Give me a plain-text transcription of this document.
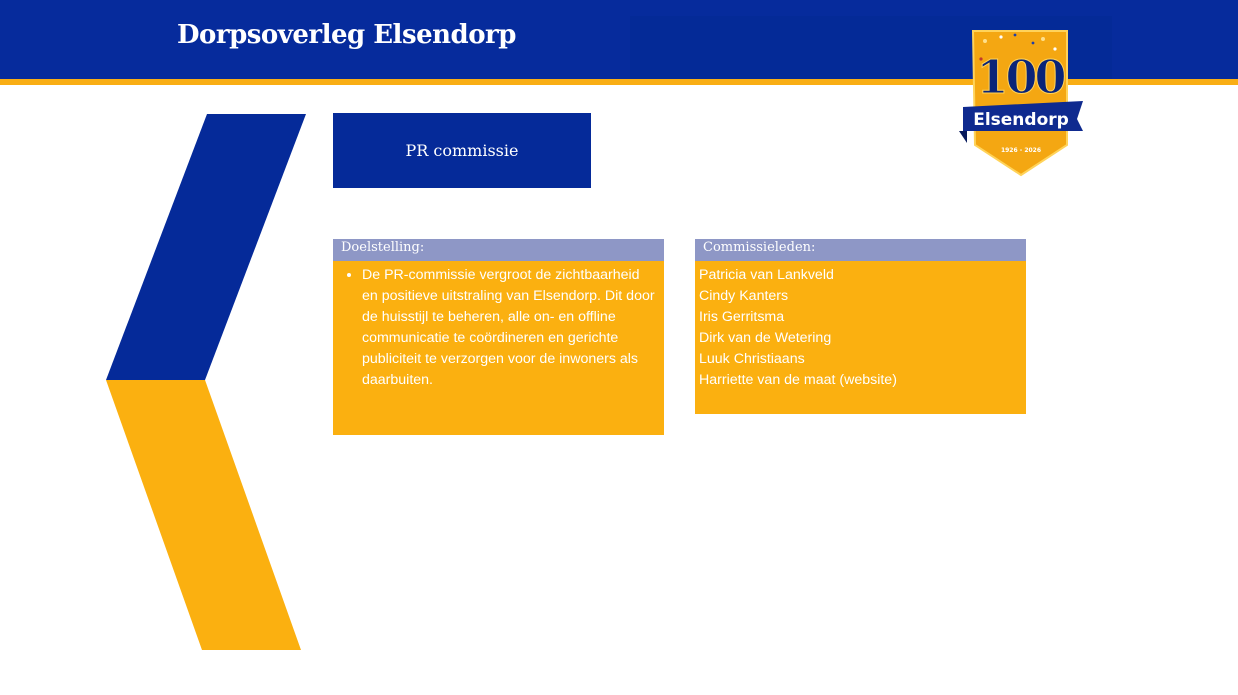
Dorpsoverleg Elsendorp
PR commissie
Doelstelling:
• De PR-commissie vergroot de zichtbaarheid en positieve uitstraling van Elsendorp. Dit door de huisstijl te beheren, alle on- en offline communicatie te coördineren en gerichte publiciteit te verzorgen voor de inwoners als daarbuiten.
Commissieleden:
Patricia van Lankveld
Cindy Kanters
Iris Gerritsma
Dirk van de Wetering
Luuk Christiaans
Harriette van de maat (website)
100
Elsendorp
1926 - 2026
